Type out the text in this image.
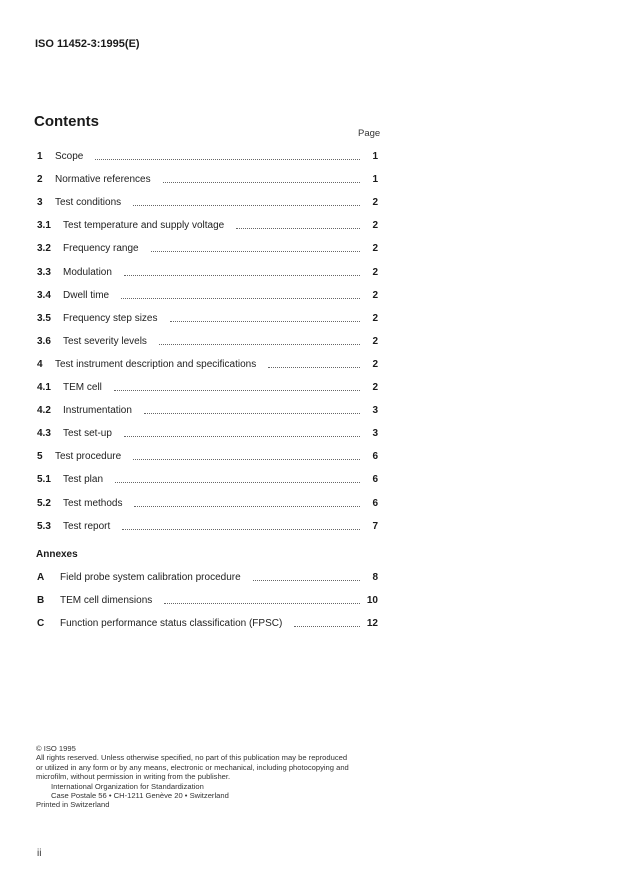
ISO 11452-3:1995(E)
Contents
Page
1 Scope	1
2 Normative references	1
3 Test conditions	2
3.1 Test temperature and supply voltage	2
3.2 Frequency range	2
3.3 Modulation	2
3.4 Dwell time	2
3.5 Frequency step sizes	2
3.6 Test severity levels	2
4 Test instrument description and specifications	2
4.1 TEM cell	2
4.2 Instrumentation	3
4.3 Test set-up	3
5 Test procedure	6
5.1 Test plan	6
5.2 Test methods	6
5.3 Test report	7
Annexes
A Field probe system calibration procedure	8
B TEM cell dimensions	10
C Function performance status classification (FPSC)	12
© ISO 1995
All rights reserved. Unless otherwise specified, no part of this publication may be reproduced
or utilized in any form or by any means, electronic or mechanical, including photocopying and
microfilm, without permission in writing from the publisher.
International Organization for Standardization
Case Postale 56 • CH-1211 Genève 20 • Switzerland
Printed in Switzerland
ii
